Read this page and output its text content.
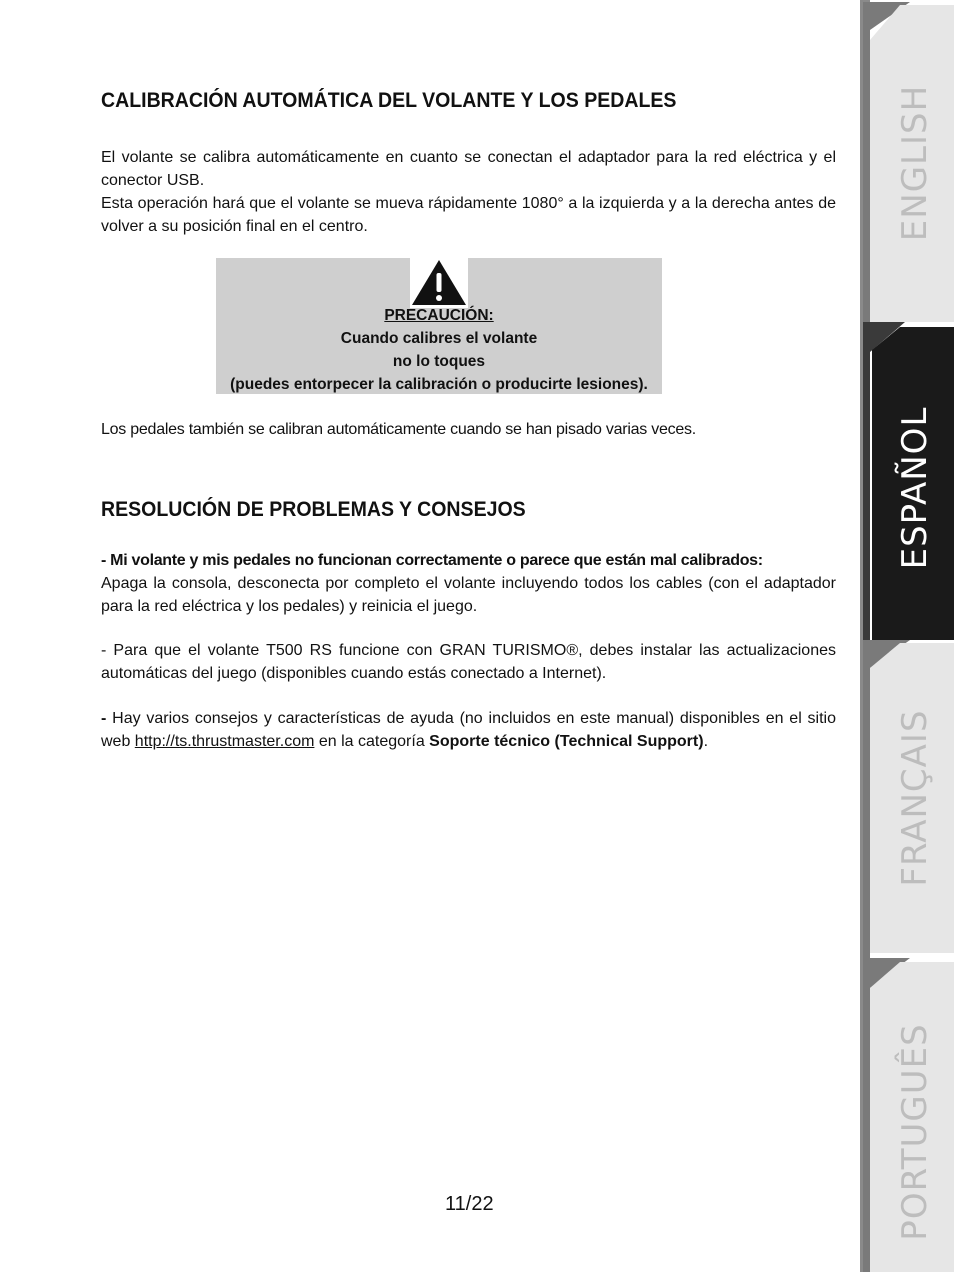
CALIBRACIÓN AUTOMÁTICA DEL VOLANTE Y LOS PEDALES

El volante se calibra automáticamente en cuanto se conectan el adaptador para la red eléctrica y el conector USB.

Esta operación hará que el volante se mueva rápidamente 1080° a la izquierda y a la derecha antes de volver a su posición final en el centro.

Los pedales también se calibran automáticamente cuando se han pisado varias veces.

RESOLUCIÓN DE PROBLEMAS Y CONSEJOS

- Mi volante y mis pedales no funcionan correctamente o parece que están mal calibrados:

Apaga la consola, desconecta por completo el volante incluyendo todos los cables (con el adaptador para la red eléctrica y los pedales) y reinicia el juego.

- Para que el volante T500 RS funcione con GRAN TURISMO®, debes instalar las actualizaciones automáticas del juego (disponibles cuando estás conectado a Internet).

- Hay varios consejos y características de ayuda (no incluidos en este manual) disponibles en el sitio web http://ts.thrustmaster.com en la categoría Soporte técnico (Technical Support).

PRECAUCIÓN:
Cuando calibres el volante
no lo toques
(puedes entorpecer la calibración o producirte lesiones).
11/22
ENGLISH
ESPAÑOL
FRANÇAIS
PORTUGUÊS
